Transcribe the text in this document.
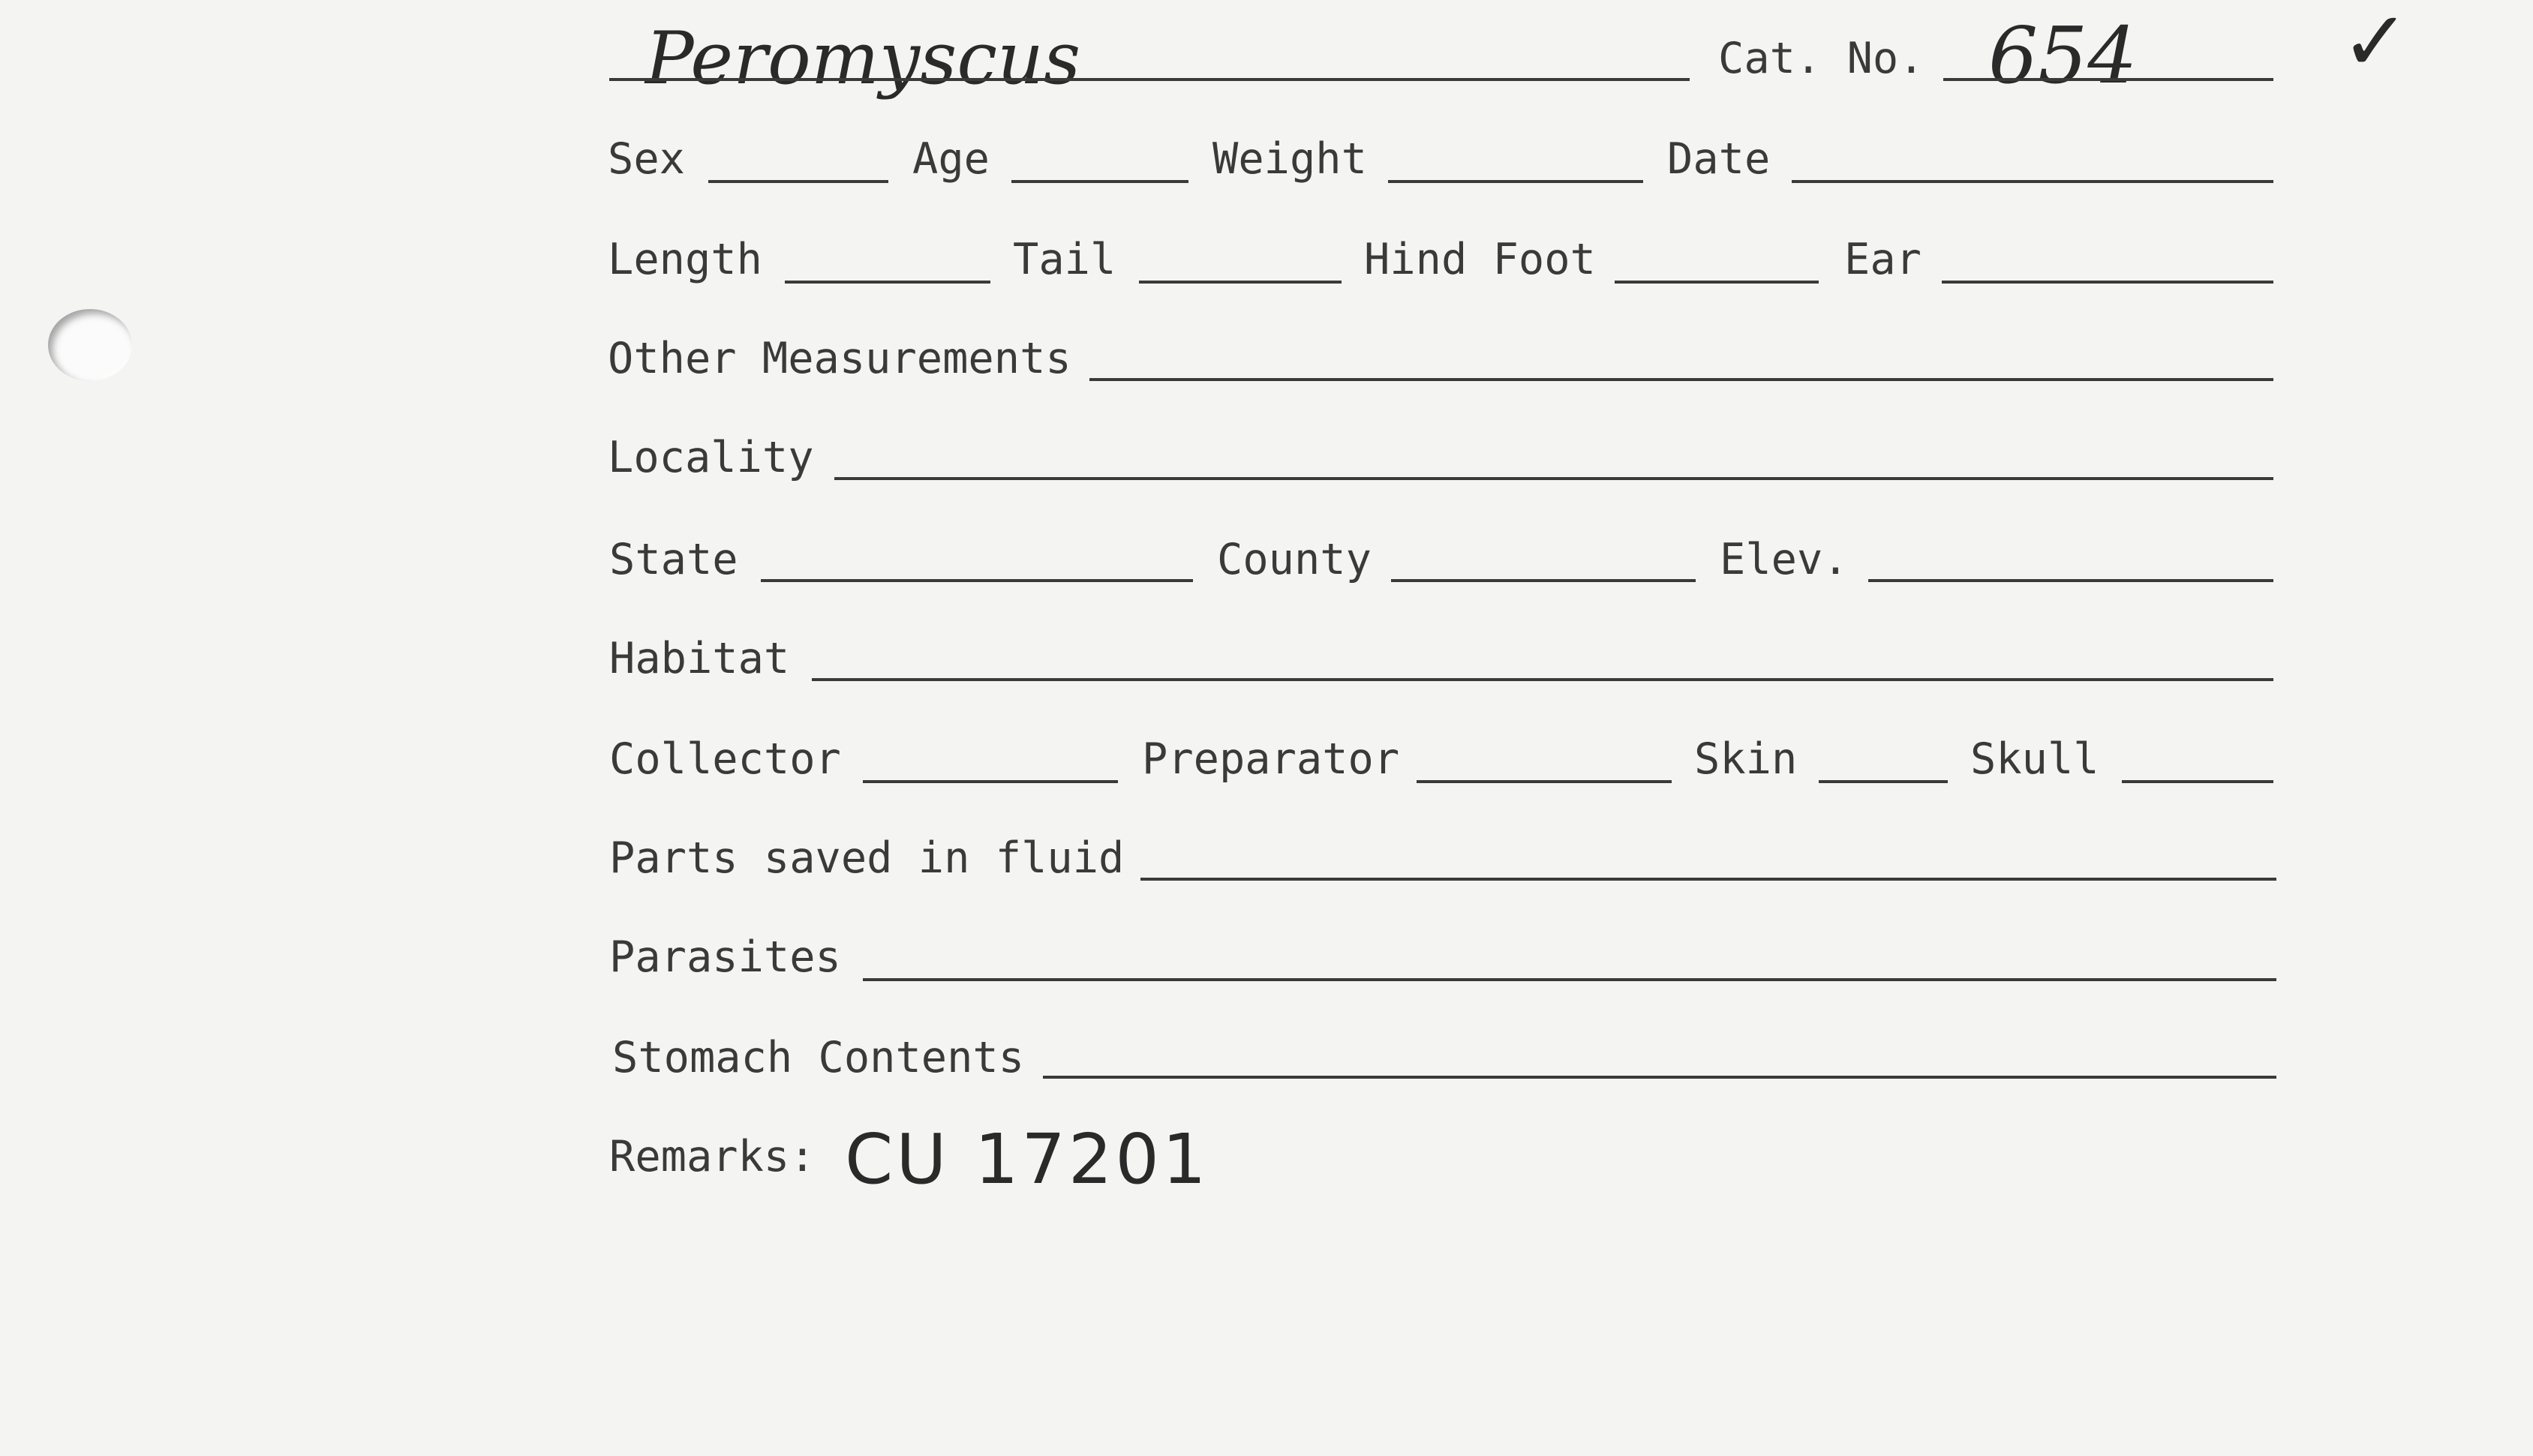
Peromyscus	Cat. No. 654 ✓
Sex	Age	Weight	Date
Length	Tail	Hind Foot	Ear
Other Measurements
Locality
State	County	Elev.
Habitat
Collector	Preparator	Skin	Skull
Parts saved in fluid
Parasites
Stomach Contents
Remarks: CU 17201
